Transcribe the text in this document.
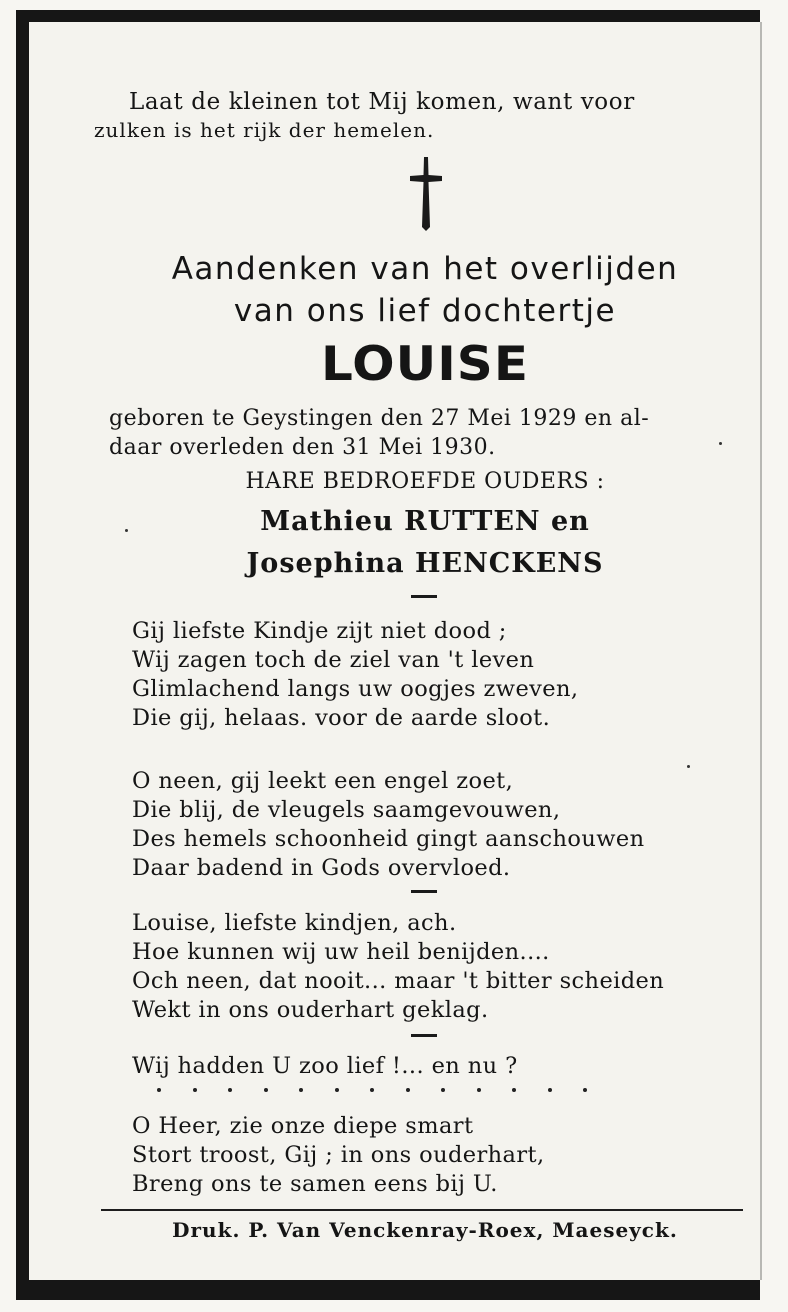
Laat de kleinen tot Mij komen, want voor
zulken is het rijk der hemelen.
Aandenken van het overlijden
van ons lief dochtertje
LOUISE
geboren te Geystingen den 27 Mei 1929 en al-
daar overleden den 31 Mei 1930.
HARE BEDROEFDE OUDERS :
Mathieu RUTTEN en
Josephina HENCKENS
Gij liefste Kindje zijt niet dood ;
Wij zagen toch de ziel van 't leven
Glimlachend langs uw oogjes zweven,
Die gij, helaas. voor de aarde sloot.
O neen, gij leekt een engel zoet,
Die blij, de vleugels saamgevouwen,
Des hemels schoonheid gingt aanschouwen
Daar badend in Gods overvloed.
Louise, liefste kindjen, ach.
Hoe kunnen wij uw heil benijden....
Och neen, dat nooit... maar 't bitter scheiden
Wekt in ons ouderhart geklag.
Wij hadden U zoo lief !... en nu ?
O Heer, zie onze diepe smart
Stort troost, Gij ; in ons ouderhart,
Breng ons te samen eens bij U.
Druk. P. Van Venckenray-Roex, Maeseyck.
